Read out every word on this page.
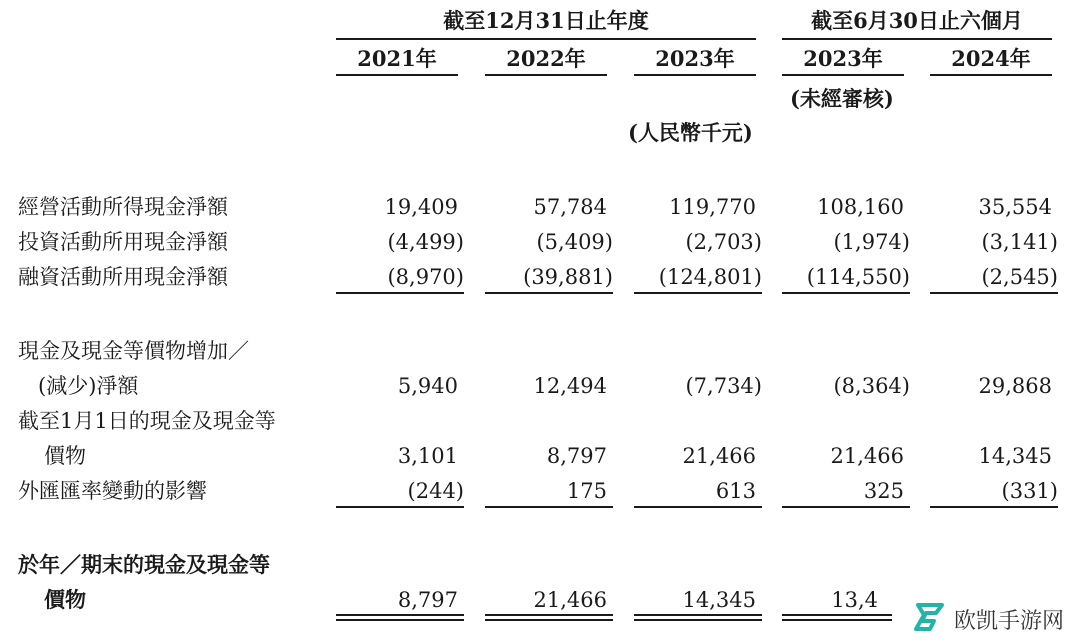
截至12月31日止年度	截至6月30日止六個月
2021年	2022年	2023年	2023年	2024年
(未經審核)
(人民幣千元)
經營活動所得現金淨額	19,409	57,784	119,770	108,160	35,554
投資活動所用現金淨額	(4,499)	(5,409)	(2,703)	(1,974)	(3,141)
融資活動所用現金淨額	(8,970)	(39,881)	(124,801)	(114,550)	(2,545)
現金及現金等價物增加／
(減少)淨額	5,940	12,494	(7,734)	(8,364)	29,868
截至1月1日的現金及現金等
價物	3,101	8,797	21,466	21,466	14,345
外匯匯率變動的影響	(244)	175	613	325	(331)
於年／期末的現金及現金等
價物	8,797	21,466	14,345	13,4
欧凯手游网
